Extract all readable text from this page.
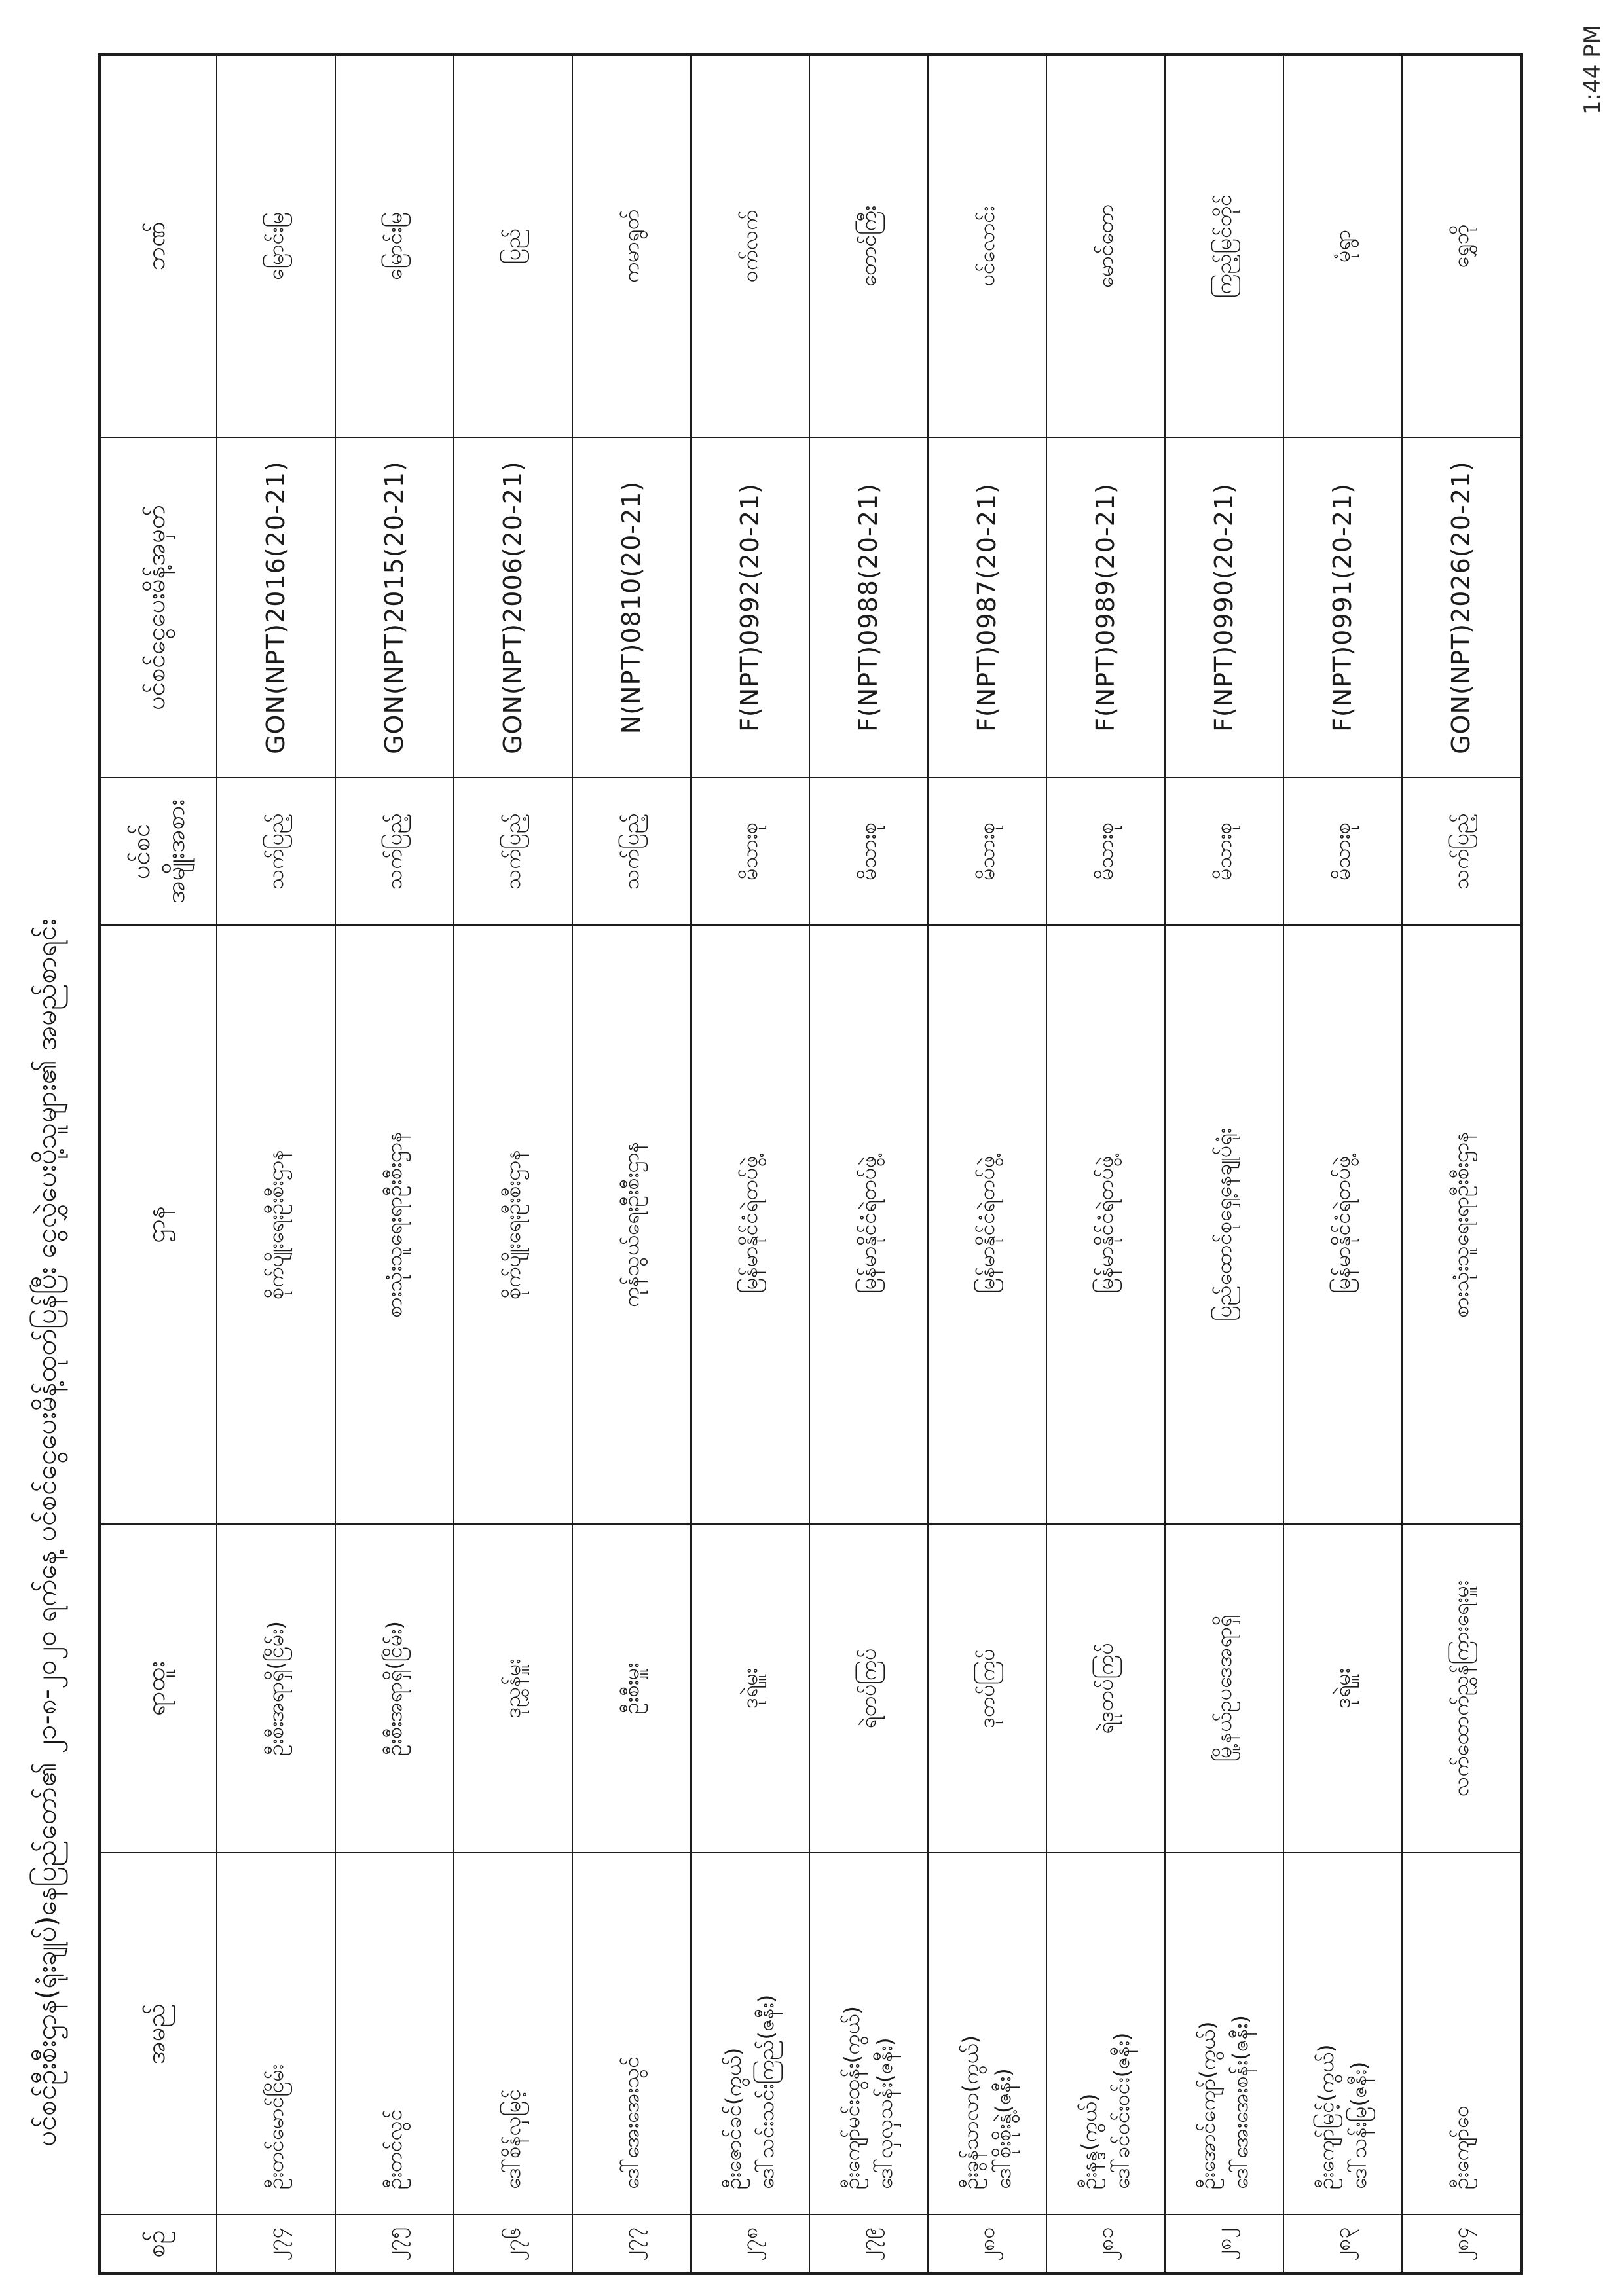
ပင်စင်ဦးစီးဌာန(ရုံးချုပ်)နေပြည်တော်၏ ၂၁-၈-၂၀၂၀ ရက်နေ့ ပင်စင်ငွေပေးမိန့်ထုတ်ပြန်ပြီး ငွေလွှဲပေးပို့သူများ၏ အမည်စာရင်း
စဉ်	အမည်	ရာထူး	ဌာန	ပင်စင် အမျိုးအစား	ပင်စင်ငွေပေးမိန့်အမှတ်	ဘဏ်
၂၇၄	ဦးတင်မောင်ငြိမ်း	ဦးစီးအရာရှိ(ငြိမ်း)	စိုက်ပျိုးရေးဦးစီးဌာန	သက်ပြည့်	GON(NPT)2016(20-21)	မြောင်းမြ
၂၇၅	ဦးတင်လွင်	ဦးစီးအရာရှိ(ငြိမ်း)	စားသုံးသူရေးရာဦးစီးဌာန	သက်ပြည့်	GON(NPT)2015(20-21)	မြောင်းမြ
၂၇၆	ဒေါ်စိန်လှမြင့်	ဒုညွှန်မှူး	စိုက်ပျိုးရေးဦးစီးဌာန	သက်ပြည့်	GON(NPT)2006(20-21)	ပြည်
၂၇၇	ဒေါ်အေးအေးသွင်	ဦးစီးမှူး	ကုန်သွယ်ရေးဦးစီးဌာန	သက်ပြည့်	N(NPT)0810(20-21)	ကမာရွတ်
၂၇၈	ဦးဇောင်ခင်(ကွယ်) ဒေါ်သင်းသင်းကြည်(ဇနီး)	ဒုရဲမှူး	မြန်မာနိုင်ငံရဲတပ်ဖွဲ့	မိသားစု	F(NPT)0992(20-21)	ဝက်လက်
၂၇၉	ဦးကျော်မင်းထွန်း(ကွယ်) ဒေါ်လှလှသန်း(ဇနီး)	ရဲတပ်ကြပ်	မြန်မာနိုင်ငံရဲတပ်ဖွဲ့	မိသားစု	F(NPT)0988(20-21)	တောင်ကြီး
၂၈၀	ဦးခွန်သာလာ(ကွယ်) ဒေါ်စိုးစိုးနွဲ့(ဇနီး)	ဒုတပ်ကြပ်	မြန်မာနိုင်ငံရဲတပ်ဖွဲ့	မိသားစု	F(NPT)0987(20-21)	ပင်လောင်း
၂၈၁	ဦးနန္ဒ(ကွယ်) ဒေါ်ခင်ဝင်းဝင်း(ဇနီး)	ရဲဒုတပ်ကြပ်	မြန်မာနိုင်ငံရဲတပ်ဖွဲ့	မိသားစု	F(NPT)0989(20-21)	မောင်တော
၂၈၂	ဦးအောင်ကျော်(ကွယ်) ဒေါ်အေးအေးစန်း(ဇနီး)	မြို့နယ်ဥပဒေအရာရှိ	ပြည်ထောင်စုရှေ့နေချုပ်ရုံး	မိသားစု	F(NPT)0990(20-21)	ကြည့်မြင်တိုင်
၂၈၃	ဦးကျော်မြင့်(ကွယ်) ဒေါ်သန်းမြ(ဇနီး)	ဒုရဲမှူး	မြန်မာနိုင်ငံရဲတပ်ဖွဲ့	မိသားစု	F(NPT)0991(20-21)	မုံရွာ
၂၈၄	ဦးကျော်ဝေ	လက်ထောက်ညွှန်ကြားရေးမှူး	စားသုံးသူရေးရာဦးစီးဌာန	သက်ပြည့်	GON(NPT)2026(20-21)	ရွှေဘို
1:44 PM
